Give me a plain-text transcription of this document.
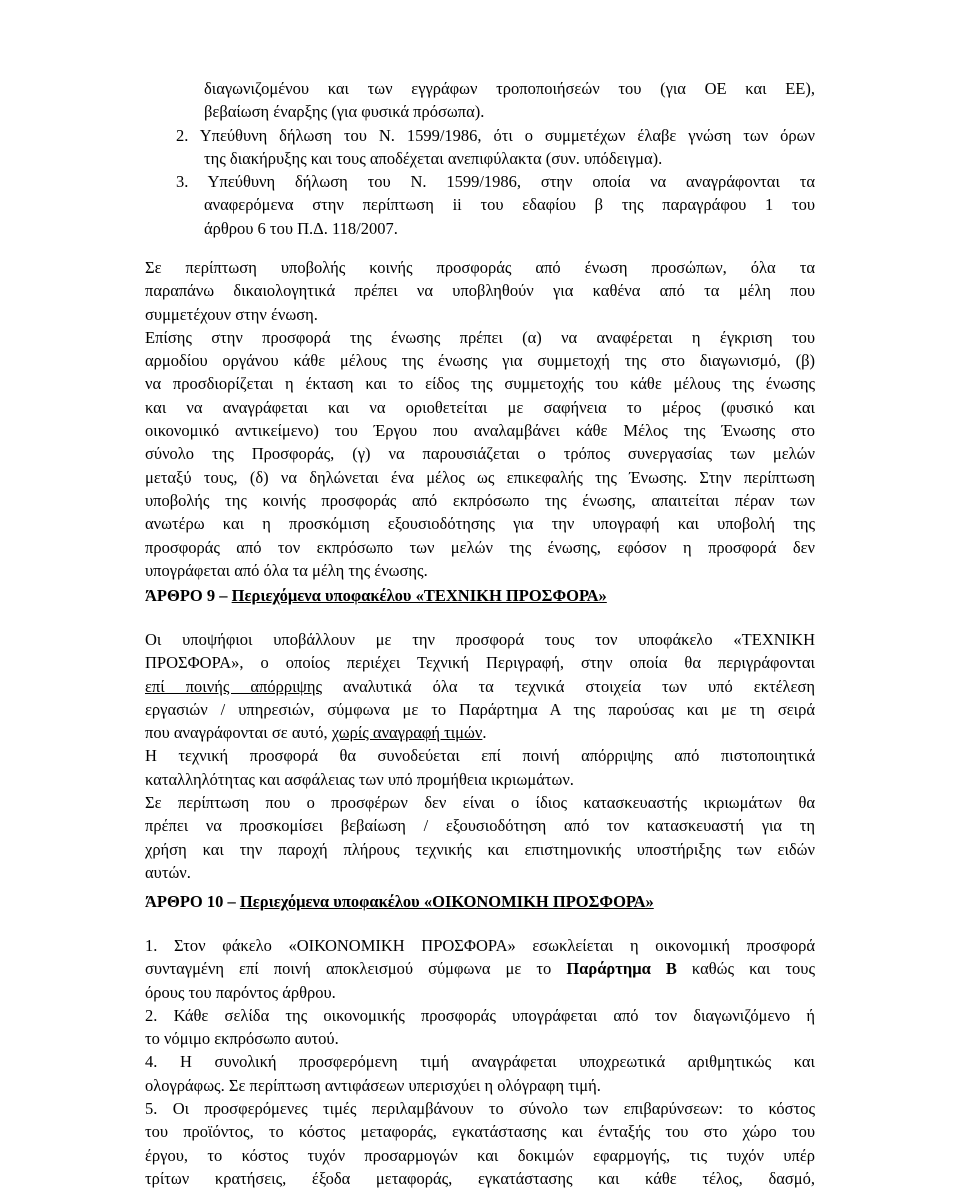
διαγωνιζομένου και των εγγράφων τροποποιήσεών του (για ΟΕ και ΕΕ),
βεβαίωση έναρξης (για φυσικά πρόσωπα).
2. Υπεύθυνη δήλωση του Ν. 1599/1986, ότι ο συμμετέχων έλαβε γνώση των όρων
της διακήρυξης και τους αποδέχεται ανεπιφύλακτα (συν. υπόδειγμα).
3. Υπεύθυνη δήλωση του Ν. 1599/1986, στην οποία να αναγράφονται τα
αναφερόμενα στην περίπτωση ii του εδαφίου β της παραγράφου 1 του
άρθρου 6 του Π.Δ. 118/2007.
Σε περίπτωση υποβολής κοινής προσφοράς από ένωση προσώπων, όλα τα
παραπάνω δικαιολογητικά πρέπει να υποβληθούν για καθένα από τα μέλη που
συμμετέχουν στην ένωση.
Επίσης στην προσφορά της ένωσης πρέπει (α) να αναφέρεται η έγκριση του
αρμοδίου οργάνου κάθε μέλους της ένωσης για συμμετοχή της στο διαγωνισμό, (β)
να προσδιορίζεται η έκταση και το είδος της συμμετοχής του κάθε μέλους της ένωσης
και να αναγράφεται και να οριοθετείται με σαφήνεια το μέρος (φυσικό και
οικονομικό αντικείμενο) του Έργου που αναλαμβάνει κάθε Μέλος της Ένωσης στο
σύνολο της Προσφοράς, (γ) να παρουσιάζεται ο τρόπος συνεργασίας των μελών
μεταξύ τους, (δ) να δηλώνεται ένα μέλος ως επικεφαλής της Ένωσης. Στην περίπτωση
υποβολής της κοινής προσφοράς από εκπρόσωπο της ένωσης, απαιτείται πέραν των
ανωτέρω και η προσκόμιση εξουσιοδότησης για την υπογραφή και υποβολή της
προσφοράς από τον εκπρόσωπο των μελών της ένωσης, εφόσον η προσφορά δεν
υπογράφεται από όλα τα μέλη της ένωσης.
ΆΡΘΡΟ 9 – Περιεχόμενα υποφακέλου «ΤΕΧΝΙΚΗ ΠΡΟΣΦΟΡΑ»
Οι υποψήφιοι υποβάλλουν με την προσφορά τους τον υποφάκελο «ΤΕΧΝΙΚΗ
ΠΡΟΣΦΟΡΑ», ο οποίος περιέχει Τεχνική Περιγραφή, στην οποία θα περιγράφονται
επί ποινής απόρριψης αναλυτικά όλα τα τεχνικά στοιχεία των υπό εκτέλεση
εργασιών / υπηρεσιών, σύμφωνα με το Παράρτημα Α της παρούσας και με τη σειρά
που αναγράφονται σε αυτό, χωρίς αναγραφή τιμών.
Η τεχνική προσφορά θα συνοδεύεται επί ποινή απόρριψης από πιστοποιητικά
καταλληλότητας και ασφάλειας των υπό προμήθεια ικριωμάτων.
Σε περίπτωση που ο προσφέρων δεν είναι ο ίδιος κατασκευαστής ικριωμάτων θα
πρέπει να προσκομίσει βεβαίωση / εξουσιοδότηση από τον κατασκευαστή για τη
χρήση και την παροχή πλήρους τεχνικής και επιστημονικής υποστήριξης των ειδών
αυτών.
ΆΡΘΡΟ 10 – Περιεχόμενα υποφακέλου «ΟΙΚΟΝΟΜΙΚΗ ΠΡΟΣΦΟΡΑ»
1. Στον φάκελο «ΟΙΚΟΝΟΜΙΚΗ ΠΡΟΣΦΟΡΑ» εσωκλείεται η οικονομική προσφορά
συνταγμένη επί ποινή αποκλεισμού σύμφωνα με το Παράρτημα Β καθώς και τους
όρους του παρόντος άρθρου.
2. Κάθε σελίδα της οικονομικής προσφοράς υπογράφεται από τον διαγωνιζόμενο ή
το νόμιμο εκπρόσωπο αυτού.
4. Η συνολική προσφερόμενη τιμή αναγράφεται υποχρεωτικά αριθμητικώς και
ολογράφως. Σε περίπτωση αντιφάσεων υπερισχύει η ολόγραφη τιμή.
5. Οι προσφερόμενες τιμές περιλαμβάνουν το σύνολο των επιβαρύνσεων: το κόστος
του προϊόντος, το κόστος μεταφοράς, εγκατάστασης και ένταξής του στο χώρο του
έργου, το κόστος τυχόν προσαρμογών και δοκιμών εφαρμογής, τις τυχόν υπέρ
τρίτων κρατήσεις, έξοδα μεταφοράς, εγκατάστασης και κάθε τέλος, δασμό,
